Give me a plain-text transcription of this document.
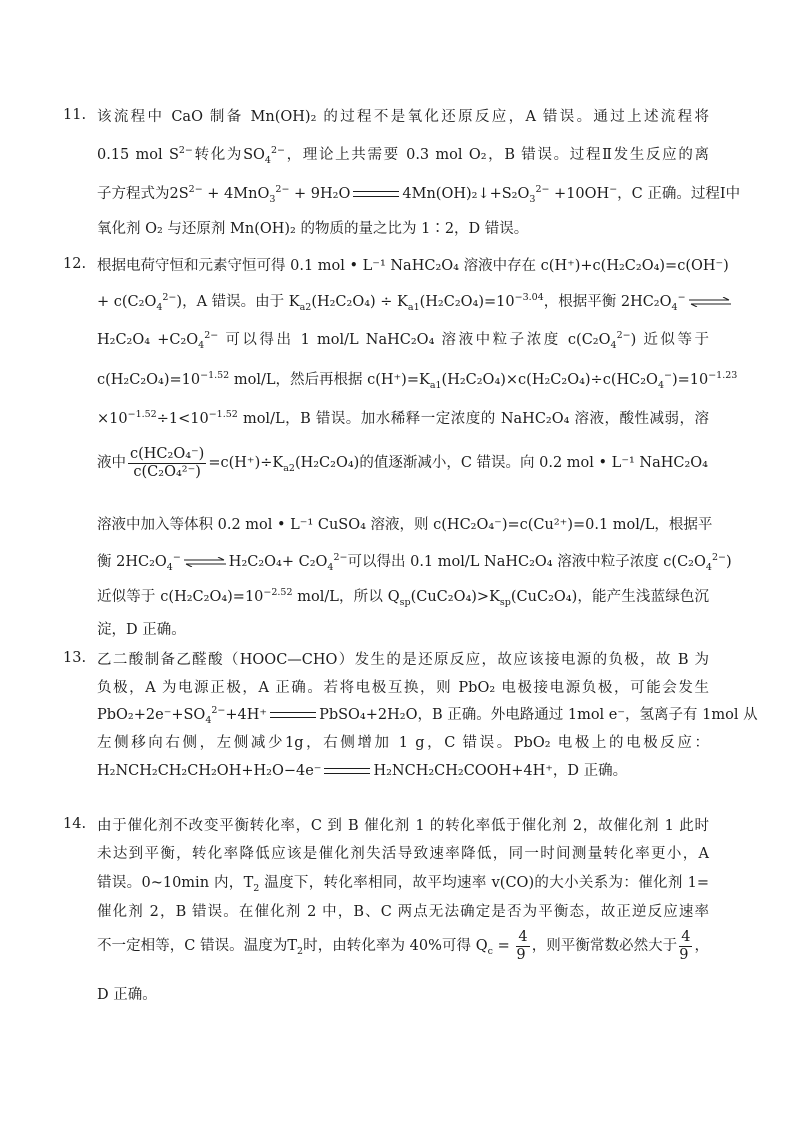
11. 该流程中 CaO 制备 Mn(OH)₂ 的过程不是氧化还原反应，A 错误。通过上述流程将
0.15 mol $S^{2-}$转化为$SO_4^{2-}$，理论上共需要 0.3 mol O₂，B 错误。过程Ⅱ发生反应的离
子方程式为$2S^{2-} + 4MnO_3^{2-} + 9H_2O$	$4Mn(OH)_2↓+S_2O_3^{2-} +10OH^-$，C 正确。过程Ⅰ中
氧化剂 O₂ 与还原剂 Mn(OH)₂ 的物质的量之比为 1∶2，D 错误。
12. 根据电荷守恒和元素守恒可得 0.1 mol • L⁻¹ NaHC₂O₄ 溶液中存在 c(H⁺)+c(H₂C₂O₄)=c(OH⁻)
+ $c(C_2O_4^{2-})$，A 错误。由于 $K_{a2}(H_2C_2O_4) \div K_{a1}(H_2C_2O_4)=10^{-3.04}$，根据平衡 $2HC_2O_4^-$ ⇌
$H_2C_2O_4 +C_2O_4^{2-}$ 可以得出 1 mol/L NaHC₂O₄ 溶液中粒子浓度 $c(C_2O_4^{2-})$ 近似等于
$c(H_2C_2O_4)=10^{-1.52}$ mol/L，然后再根据 $c(H^+)=K_{a1}(H_2C_2O_4)\times c(H_2C_2O_4)\div c(HC_2O_4^-)=10^{-1.23}$
$\times 10^{-1.52}\div 1<10^{-1.52}$ mol/L，B 错误。加水稀释一定浓度的 NaHC₂O₄ 溶液，酸性减弱，溶
液中 $\frac{\text{c(HC₂O₄⁻)}}{\text{c(C₂O₄²⁻)}} =c(H^+)\div K_{a2}(H_2C_2O_4)$的值逐渐减小，C 错误。向 0.2 mol • L⁻¹ NaHC₂O₄
溶液中加入等体积 0.2 mol • L⁻¹ CuSO₄ 溶液，则 c(HC₂O₄⁻)=c(Cu²⁺)=0.1 mol/L，根据平
衡 $2HC_2O_4^-$ ⇌ $H_2C_2O_4+ C_2O_4^{2-}$可以得出 0.1 mol/L NaHC₂O₄ 溶液中粒子浓度 $c(C_2O_4^{2-})$
近似等于 $c(H_2C_2O_4)=10^{-2.52}$ mol/L，所以 $Q_{sp}(CuC_2O_4)>K_{sp}(CuC_2O_4)$，能产生浅蓝绿色沉
淀，D 正确。
13. 乙二酸制备乙醛酸（HOOC—CHO）发生的是还原反应，故应该接电源的负极，故 B 为
负极，A 为电源正极，A 正确。若将电极互换，则 PbO₂ 电极接电源负极，可能会发生
$PbO_2+2e^-+SO_4^{2-}+4H^+$	PbSO₄+2H₂O，B 正确。外电路通过 1mol e⁻，氢离子有 1mol 从
左侧移向右侧，左侧减少1g，右侧增加 1 g，C 错误。PbO₂ 电极上的电极反应：
H₂NCH₂CH₂CH₂OH+H₂O−4e⁻	H₂NCH₂CH₂COOH+4H⁺，D 正确。
14. 由于催化剂不改变平衡转化率，C 到 B 催化剂 1 的转化率低于催化剂 2，故催化剂 1 此时
未达到平衡，转化率降低应该是催化剂失活导致速率降低，同一时间测量转化率更小，A
错误。0~10min 内，$T_2$ 温度下，转化率相同，故平均速率 v(CO)的大小关系为：催化剂 1=
催化剂 2，B 错误。在催化剂 2 中，B、C 两点无法确定是否为平衡态，故正逆反应速率
不一定相等，C 错误。温度为$T_2$时，由转化率为 40%可得 $Q_c = \frac{4}{9}$ ，则平衡常数必然大于 $\frac{4}{9}$ ，
D 正确。
